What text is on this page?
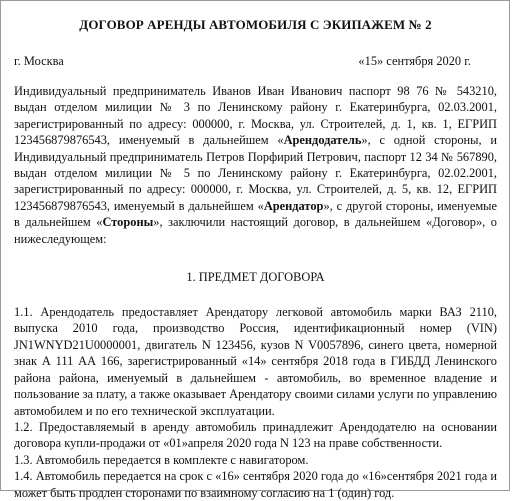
ДОГОВОР АРЕНДЫ АВТОМОБИЛЯ С ЭКИПАЖЕМ № 2
г. Москва	«15» сентября 2020 г.

Индивидуальный предприниматель Иванов Иван Иванович паспорт 98 76 № 543210, выдан отделом милиции № 3 по Ленинскому району г. Екатеринбурга, 02.03.2001, зарегистрированный по адресу: 000000, г. Москва, ул. Строителей, д. 1, кв. 1, ЕГРИП 123456879876543, именуемый в дальнейшем «Арендодатель», с одной стороны, и Индивидуальный предприниматель Петров Порфирий Петрович, паспорт 12 34 № 567890, выдан отделом милиции № 5 по Ленинскому району г. Екатеринбурга, 02.02.2001, зарегистрированный по адресу: 000000, г. Москва, ул. Строителей, д. 5, кв. 12, ЕГРИП 123456879876543, именуемый в дальнейшем «Арендатор», с другой стороны, именуемые в дальнейшем «Стороны», заключили настоящий договор, в дальнейшем «Договор», о нижеследующем:

1. ПРЕДМЕТ ДОГОВОРА

1.1. Арендодатель предоставляет Арендатору легковой автомобиль марки ВАЗ 2110, выпуска 2010 года, производство Россия, идентификационный номер (VIN) JN1WNYD21U0000001, двигатель N 123456, кузов N V0057896, синего цвета, номерной знак А 111 АА 166, зарегистрированный «14» сентября 2018 года в ГИБДД Ленинского района района, именуемый в дальнейшем - автомобиль, во временное владение и пользование за плату, а также оказывает Арендатору своими силами услуги по управлению автомобилем и по его технической эксплуатации.

1.2. Предоставляемый в аренду автомобиль принадлежит Арендодателю на основании договора купли-продажи от «01»апреля 2020 года N 123 на праве собственности.

1.3. Автомобиль передается в комплекте с навигатором.

1.4. Автомобиль передается на срок с «16» сентября 2020 года до «16»сентября 2021 года и может быть продлен сторонами по взаимному согласию на 1 (один) год.
